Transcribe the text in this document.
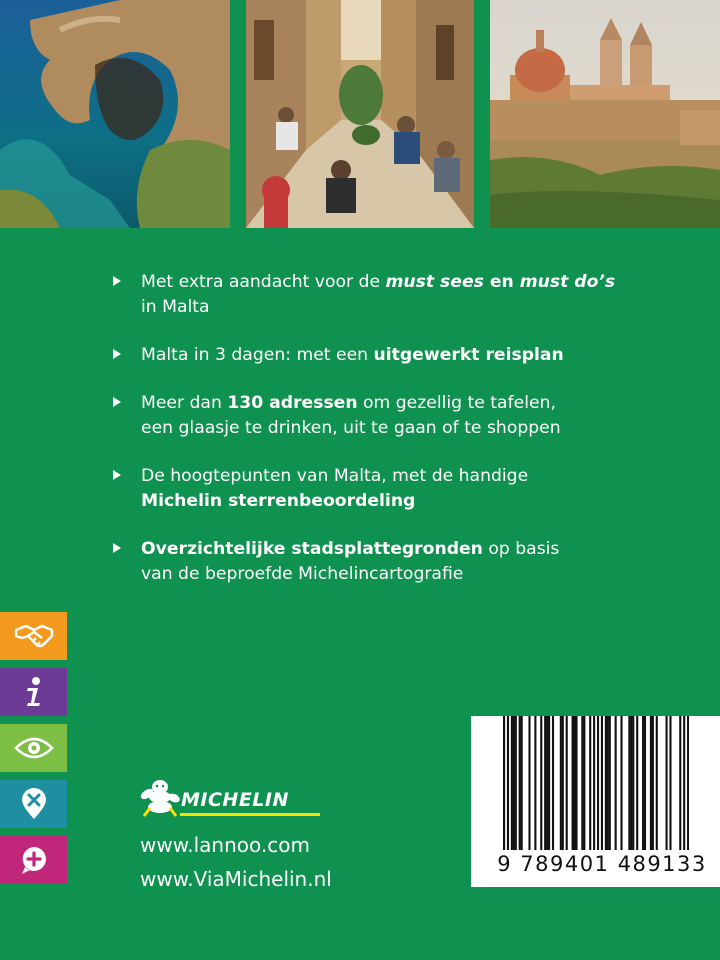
Met extra aandacht voor de must sees en must do’s
in Malta
Malta in 3 dagen: met een uitgewerkt reisplan
Meer dan 130 adressen om gezellig te tafelen,
een glaasje te drinken, uit te gaan of te shoppen
De hoogtepunten van Malta, met de handige
Michelin sterrenbeoordeling
Overzichtelijke stadsplattegronden op basis
van de beproefde Michelincartografie
MICHELIN
www.lannoo.com
www.ViaMichelin.nl
9 789401 489133
